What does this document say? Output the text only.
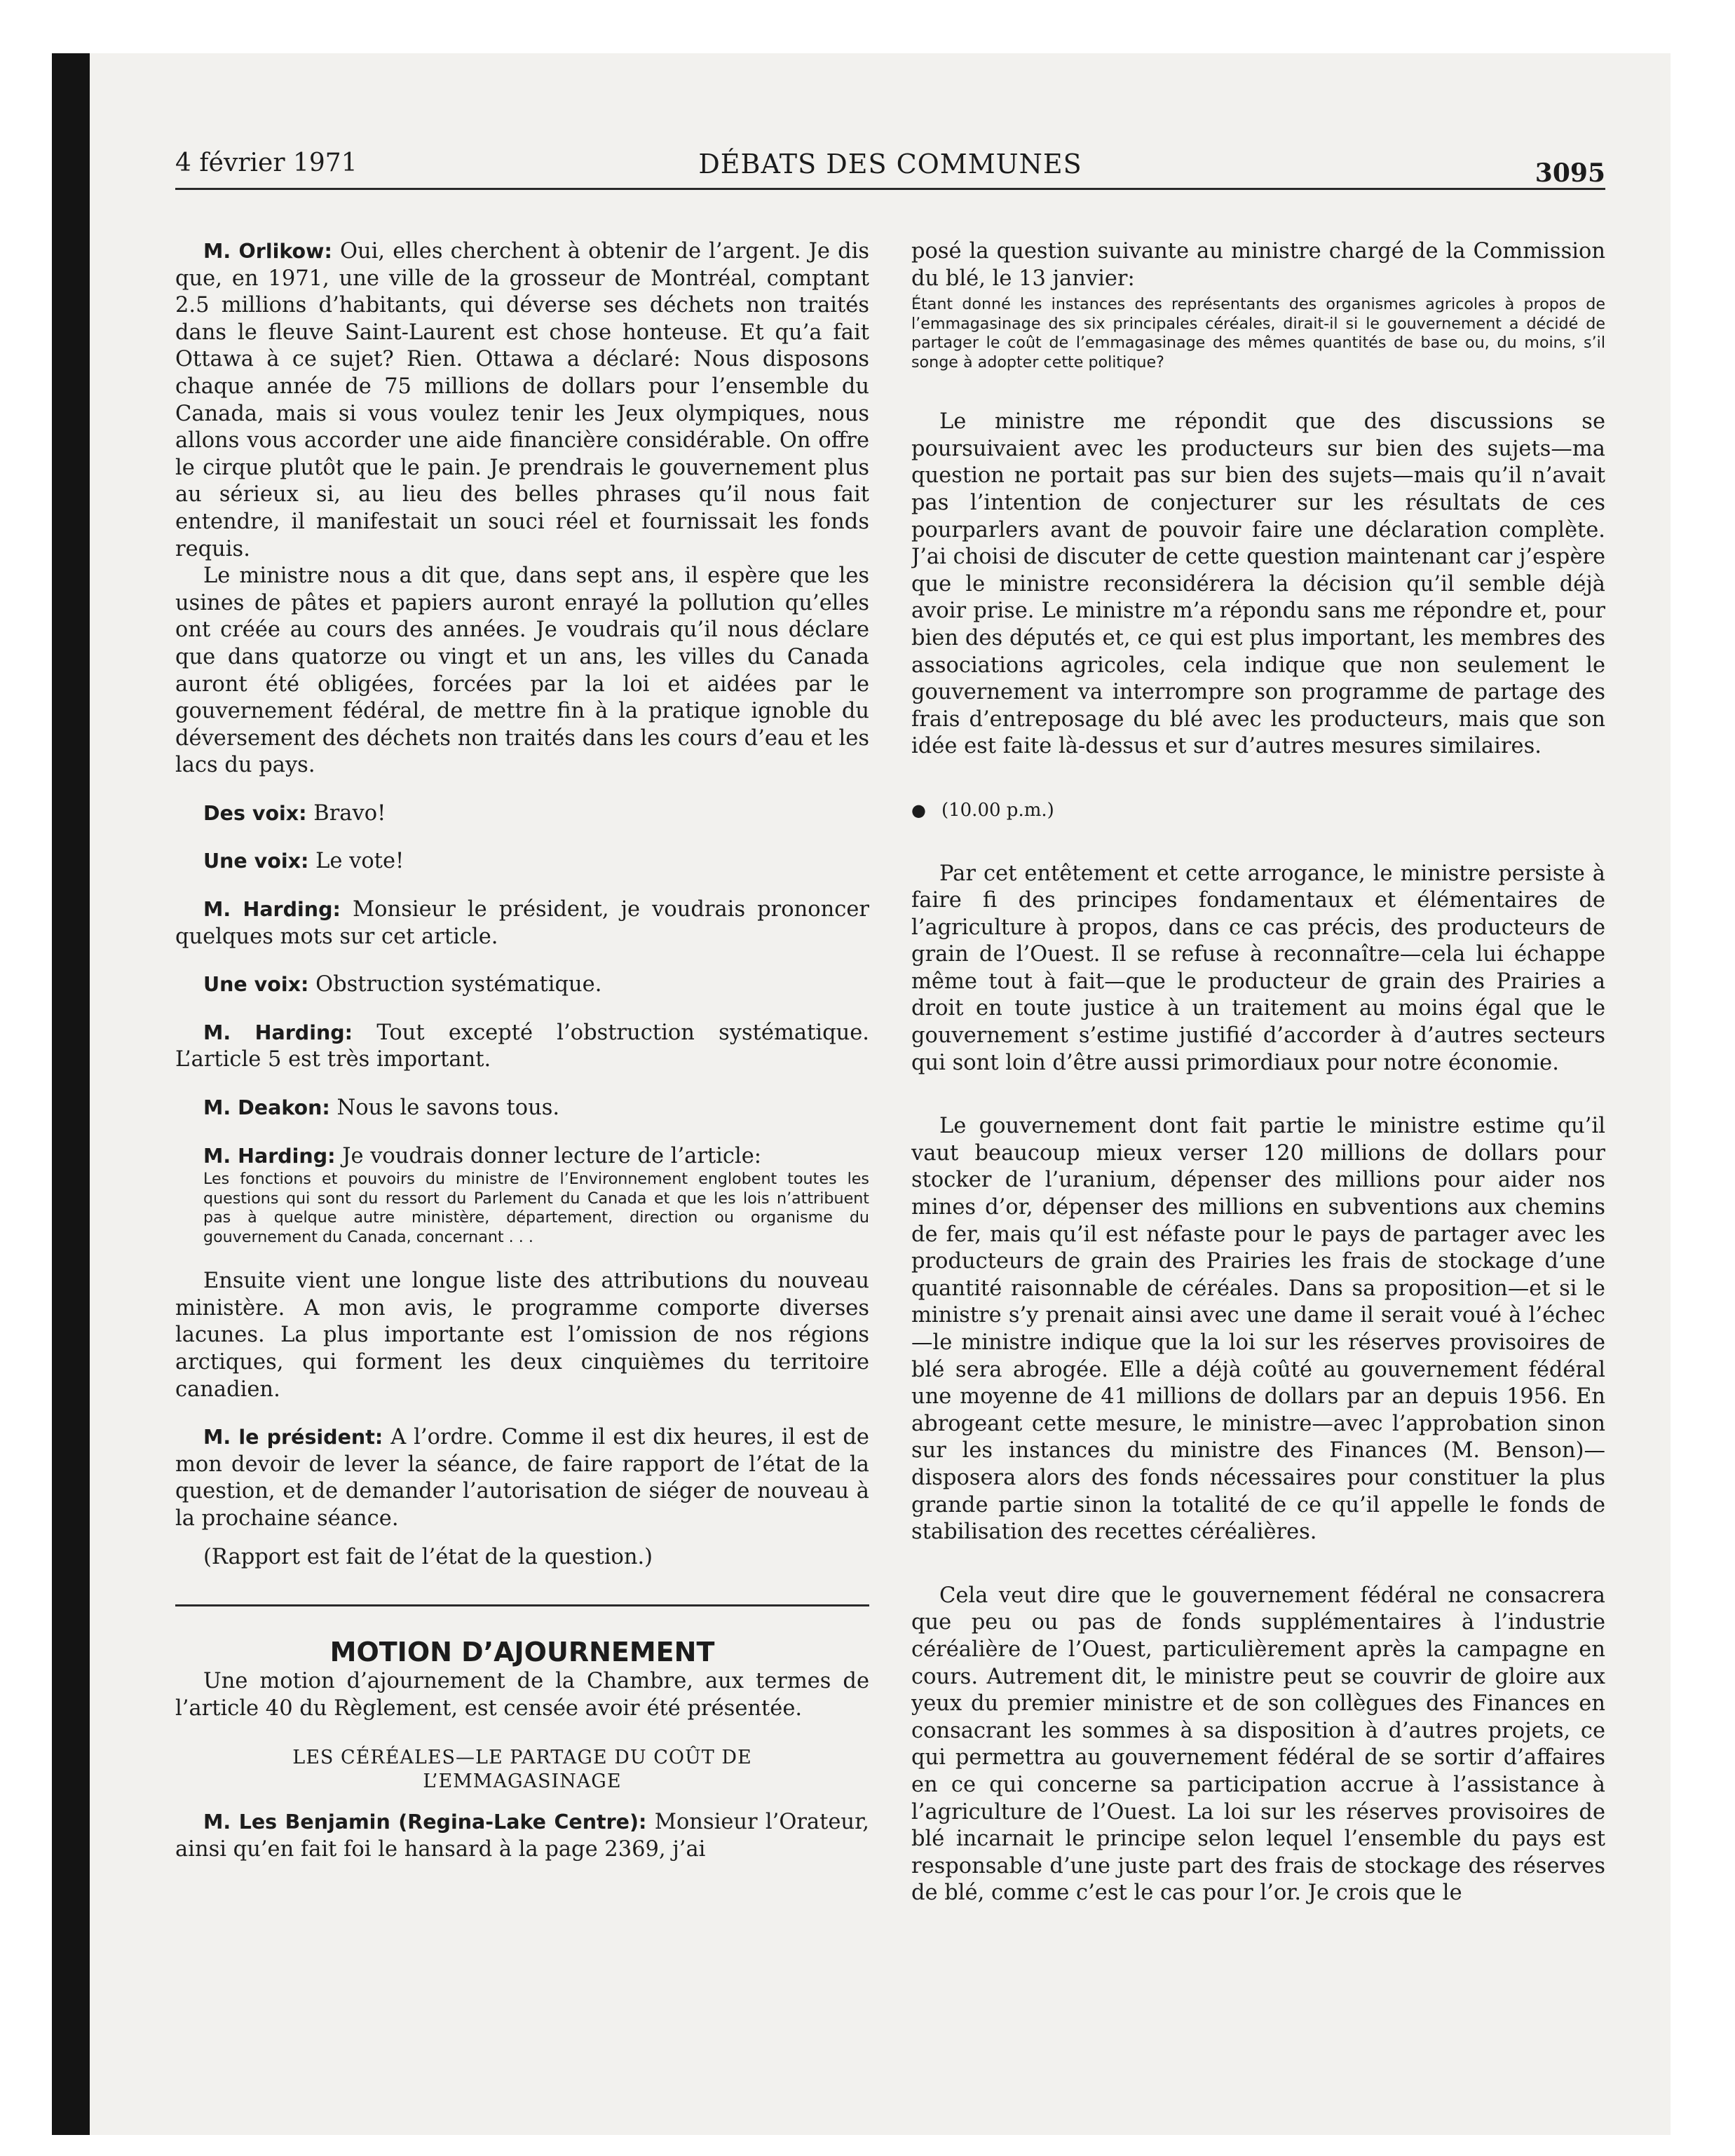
4 février 1971	DÉBATS DES COMMUNES	3095

M. Orlikow: Oui, elles cherchent à obtenir de l’argent. Je dis que, en 1971, une ville de la grosseur de Montréal, comptant 2.5 millions d’habitants, qui déverse ses déchets non traités dans le fleuve Saint-Laurent est chose honteuse. Et qu’a fait Ottawa à ce sujet? Rien. Ottawa a déclaré: Nous disposons chaque année de 75 millions de dollars pour l’ensemble du Canada, mais si vous voulez tenir les Jeux olympiques, nous allons vous accorder une aide financière considérable. On offre le cirque plutôt que le pain. Je prendrais le gouvernement plus au sérieux si, au lieu des belles phrases qu’il nous fait entendre, il manifestait un souci réel et fournissait les fonds requis.

Le ministre nous a dit que, dans sept ans, il espère que les usines de pâtes et papiers auront enrayé la pollution qu’elles ont créée au cours des années. Je voudrais qu’il nous déclare que dans quatorze ou vingt et un ans, les villes du Canada auront été obligées, forcées par la loi et aidées par le gouvernement fédéral, de mettre fin à la pratique ignoble du déversement des déchets non traités dans les cours d’eau et les lacs du pays.

Des voix: Bravo!

Une voix: Le vote!

M. Harding: Monsieur le président, je voudrais prononcer quelques mots sur cet article.

Une voix: Obstruction systématique.

M. Harding: Tout excepté l’obstruction systématique. L’article 5 est très important.

M. Deakon: Nous le savons tous.

M. Harding: Je voudrais donner lecture de l’article:

Les fonctions et pouvoirs du ministre de l’Environnement englobent toutes les questions qui sont du ressort du Parlement du Canada et que les lois n’attribuent pas à quelque autre ministère, département, direction ou organisme du gouvernement du Canada, concernant . . .

Ensuite vient une longue liste des attributions du nouveau ministère. A mon avis, le programme comporte diverses lacunes. La plus importante est l’omission de nos régions arctiques, qui forment les deux cinquièmes du territoire canadien.

M. le président: A l’ordre. Comme il est dix heures, il est de mon devoir de lever la séance, de faire rapport de l’état de la question, et de demander l’autorisation de siéger de nouveau à la prochaine séance.

(Rapport est fait de l’état de la question.)

MOTION D’AJOURNEMENT

Une motion d’ajournement de la Chambre, aux termes de l’article 40 du Règlement, est censée avoir été présentée.

LES CÉRÉALES—LE PARTAGE DU COÛT DE L’EMMAGASINAGE

M. Les Benjamin (Regina-Lake Centre): Monsieur l’Orateur, ainsi qu’en fait foi le hansard à la page 2369, j’ai

posé la question suivante au ministre chargé de la Commission du blé, le 13 janvier:

Étant donné les instances des représentants des organismes agricoles à propos de l’emmagasinage des six principales céréales, dirait-il si le gouvernement a décidé de partager le coût de l’emmagasinage des mêmes quantités de base ou, du moins, s’il songe à adopter cette politique?

Le ministre me répondit que des discussions se poursuivaient avec les producteurs sur bien des sujets—ma question ne portait pas sur bien des sujets—mais qu’il n’avait pas l’intention de conjecturer sur les résultats de ces pourparlers avant de pouvoir faire une déclaration complète. J’ai choisi de discuter de cette question maintenant car j’espère que le ministre reconsidérera la décision qu’il semble déjà avoir prise. Le ministre m’a répondu sans me répondre et, pour bien des députés et, ce qui est plus important, les membres des associations agricoles, cela indique que non seulement le gouvernement va interrompre son programme de partage des frais d’entreposage du blé avec les producteurs, mais que son idée est faite là-dessus et sur d’autres mesures similaires.

● (10.00 p.m.)

Par cet entêtement et cette arrogance, le ministre persiste à faire fi des principes fondamentaux et élémentaires de l’agriculture à propos, dans ce cas précis, des producteurs de grain de l’Ouest. Il se refuse à reconnaître—cela lui échappe même tout à fait—que le producteur de grain des Prairies a droit en toute justice à un traitement au moins égal que le gouvernement s’estime justifié d’accorder à d’autres secteurs qui sont loin d’être aussi primordiaux pour notre économie.

Le gouvernement dont fait partie le ministre estime qu’il vaut beaucoup mieux verser 120 millions de dollars pour stocker de l’uranium, dépenser des millions pour aider nos mines d’or, dépenser des millions en subventions aux chemins de fer, mais qu’il est néfaste pour le pays de partager avec les producteurs de grain des Prairies les frais de stockage d’une quantité raisonnable de céréales. Dans sa proposition—et si le ministre s’y prenait ainsi avec une dame il serait voué à l’échec—le ministre indique que la loi sur les réserves provisoires de blé sera abrogée. Elle a déjà coûté au gouvernement fédéral une moyenne de 41 millions de dollars par an depuis 1956. En abrogeant cette mesure, le ministre—avec l’approbation sinon sur les instances du ministre des Finances (M. Benson)—disposera alors des fonds nécessaires pour constituer la plus grande partie sinon la totalité de ce qu’il appelle le fonds de stabilisation des recettes céréalières.

Cela veut dire que le gouvernement fédéral ne consacrera que peu ou pas de fonds supplémentaires à l’industrie céréalière de l’Ouest, particulièrement après la campagne en cours. Autrement dit, le ministre peut se couvrir de gloire aux yeux du premier ministre et de son collègues des Finances en consacrant les sommes à sa disposition à d’autres projets, ce qui permettra au gouvernement fédéral de se sortir d’affaires en ce qui concerne sa participation accrue à l’assistance à l’agriculture de l’Ouest. La loi sur les réserves provisoires de blé incarnait le principe selon lequel l’ensemble du pays est responsable d’une juste part des frais de stockage des réserves de blé, comme c’est le cas pour l’or. Je crois que le
